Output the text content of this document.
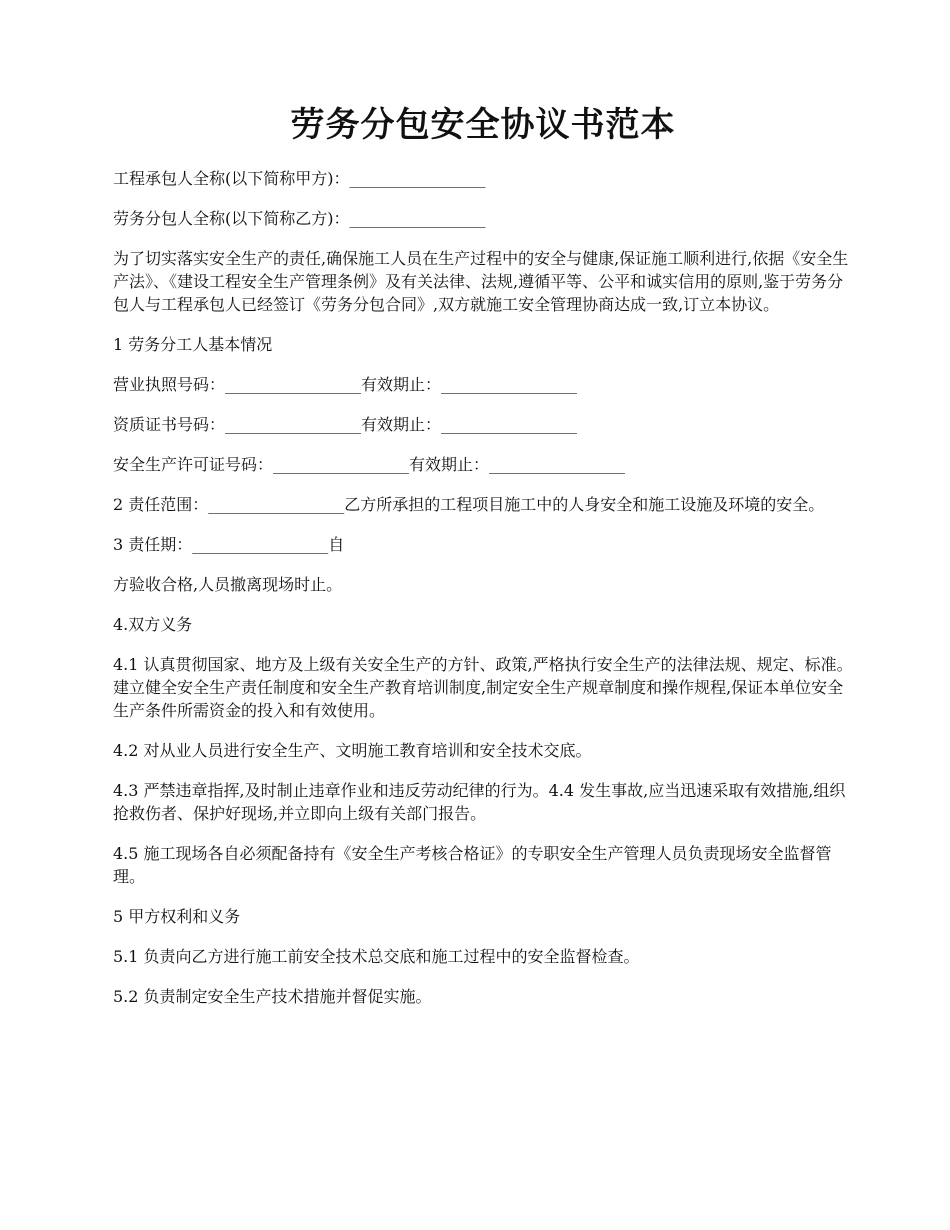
劳务分包安全协议书范本

工程承包人全称(以下简称甲方)：_________________

劳务分包人全称(以下简称乙方)：_________________

为了切实落实安全生产的责任,确保施工人员在生产过程中的安全与健康,保证施工顺利进行,依据《安全生产法》、《建设工程安全生产管理条例》及有关法律、法规,遵循平等、公平和诚实信用的原则,鉴于劳务分包人与工程承包人已经签订《劳务分包合同》,双方就施工安全管理协商达成一致,订立本协议。

1 劳务分工人基本情况

营业执照号码：_________________有效期止：_________________

资质证书号码：_________________有效期止：_________________

安全生产许可证号码：_________________有效期止：_________________

2 责任范围：_________________乙方所承担的工程项目施工中的人身安全和施工设施及环境的安全。

3 责任期：_________________自

方验收合格,人员撤离现场时止。

4.双方义务

4.1 认真贯彻国家、地方及上级有关安全生产的方针、政策,严格执行安全生产的法律法规、规定、标准。建立健全安全生产责任制度和安全生产教育培训制度,制定安全生产规章制度和操作规程,保证本单位安全生产条件所需资金的投入和有效使用。

4.2 对从业人员进行安全生产、文明施工教育培训和安全技术交底。

4.3 严禁违章指挥,及时制止违章作业和违反劳动纪律的行为。4.4 发生事故,应当迅速采取有效措施,组织抢救伤者、保护好现场,并立即向上级有关部门报告。

4.5 施工现场各自必须配备持有《安全生产考核合格证》的专职安全生产管理人员负责现场安全监督管理。

5 甲方权利和义务

5.1 负责向乙方进行施工前安全技术总交底和施工过程中的安全监督检查。

5.2 负责制定安全生产技术措施并督促实施。
